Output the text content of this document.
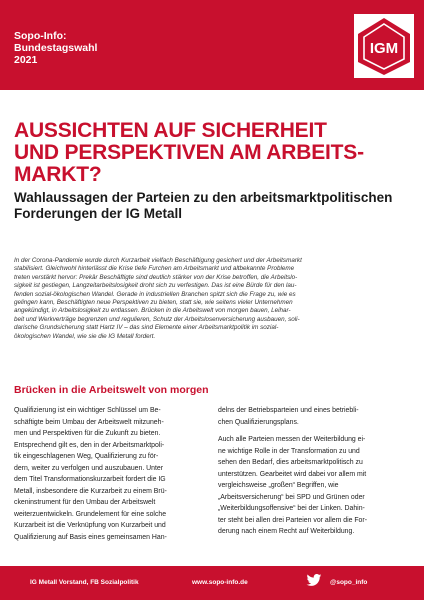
Sopo-Info:
Bundestagswahl
2021
IGM
AUSSICHTEN AUF SICHERHEIT
UND PERSPEKTIVEN AM ARBEITS-
MARKT?
Wahlaussagen der Parteien zu den arbeitsmarktpolitischen
Forderungen der IG Metall

In der Corona-Pandemie wurde durch Kurzarbeit vielfach Beschäftigung gesichert und der Arbeitsmarkt
stabilisiert. Gleichwohl hinterlässt die Krise tiefe Furchen am Arbeitsmarkt und altbekannte Probleme
treten verstärkt hervor: Prekär Beschäftigte sind deutlich stärker von der Krise betroffen, die Arbeitslo-
sigkeit ist gestiegen, Langzeitarbeitslosigkeit droht sich zu verfestigen. Das ist eine Bürde für den lau-
fenden sozial-ökologischen Wandel. Gerade in industriellen Branchen spitzt sich die Frage zu, wie es
gelingen kann, Beschäftigten neue Perspektiven zu bieten, statt sie, wie seitens vieler Unternehmen
angekündigt, in Arbeitslosigkeit zu entlassen. Brücken in die Arbeitswelt von morgen bauen, Leihar-
beit und Werkverträge begrenzen und regulieren, Schutz der Arbeitslosenversicherung ausbauen, soli-
darische Grundsicherung statt Hartz IV – das sind Elemente einer Arbeitsmarktpolitik im sozial-
ökologischen Wandel, wie sie die IG Metall fordert.

Brücken in die Arbeitswelt von morgen

Qualifizierung ist ein wichtiger Schlüssel um Be-
schäftigte beim Umbau der Arbeitswelt mitzuneh-
men und Perspektiven für die Zukunft zu bieten.
Entsprechend gilt es, den in der Arbeitsmarktpoli-
tik eingeschlagenen Weg, Qualifizierung zu för-
dern, weiter zu verfolgen und auszubauen. Unter
dem Titel Transformationskurzarbeit fordert die IG
Metall, insbesondere die Kurzarbeit zu einem Brü-
ckeninstrument für den Umbau der Arbeitswelt
weiterzuentwickeln. Grundelement für eine solche
Kurzarbeit ist die Verknüpfung von Kurzarbeit und
Qualifizierung auf Basis eines gemeinsamen Han-

delns der Betriebsparteien und eines betriebli-
chen Qualifizierungsplans.
Auch alle Parteien messen der Weiterbildung ei-
ne wichtige Rolle in der Transformation zu und
sehen den Bedarf, dies arbeitsmarktpolitisch zu
unterstützen. Gearbeitet wird dabei vor allem mit
vergleichsweise „großen“ Begriffen, wie
„Arbeitsversicherung“ bei SPD und Grünen oder
„Weiterbildungsoffensive“ bei der Linken. Dahin-
ter steht bei allen drei Parteien vor allem die For-
derung nach einem Recht auf Weiterbildung.

IG Metall Vorstand, FB Sozialpolitik	www.sopo-info.de	@sopo_info
